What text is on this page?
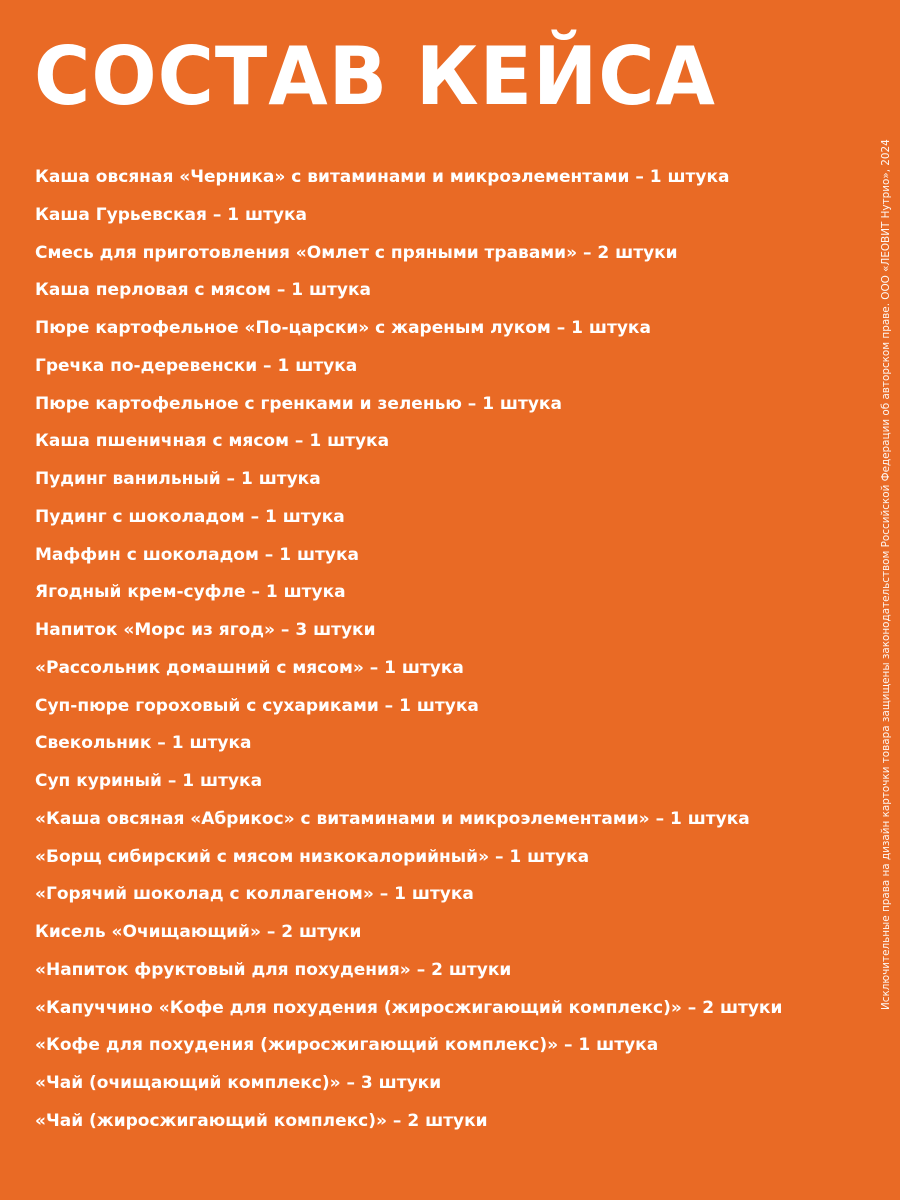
СОСТАВ КЕЙСА
Каша овсяная «Черника» с витаминами и микроэлементами – 1 штука
Каша Гурьевская – 1 штука
Смесь для приготовления «Омлет с пряными травами» – 2 штуки
Каша перловая с мясом – 1 штука
Пюре картофельное «По-царски» с жареным луком – 1 штука
Гречка по-деревенски – 1 штука
Пюре картофельное с гренками и зеленью – 1 штука
Каша пшеничная с мясом – 1 штука
Пудинг ванильный – 1 штука
Пудинг с шоколадом – 1 штука
Маффин с шоколадом – 1 штука
Ягодный крем-суфле – 1 штука
Напиток «Морс из ягод» – 3 штуки
«Рассольник домашний с мясом» – 1 штука
Суп-пюре гороховый с сухариками – 1 штука
Свекольник – 1 штука
Суп куриный – 1 штука
«Каша овсяная «Абрикос» с витаминами и микроэлементами» – 1 штука
«Борщ сибирский с мясом низкокалорийный» – 1 штука
«Горячий шоколад с коллагеном» – 1 штука
Кисель «Очищающий» – 2 штуки
«Напиток фруктовый для похудения» – 2 штуки
«Капуччино «Кофе для похудения (жиросжигающий комплекс)» – 2 штуки
«Кофе для похудения (жиросжигающий комплекс)» – 1 штука
«Чай (очищающий комплекс)» – 3 штуки
«Чай (жиросжигающий комплекс)» – 2 штуки
Исключительные права на дизайн карточки товара защищены законодательством Российской Федерации об авторском праве. ООО «ЛЕОВИТ Нутрио», 2024
